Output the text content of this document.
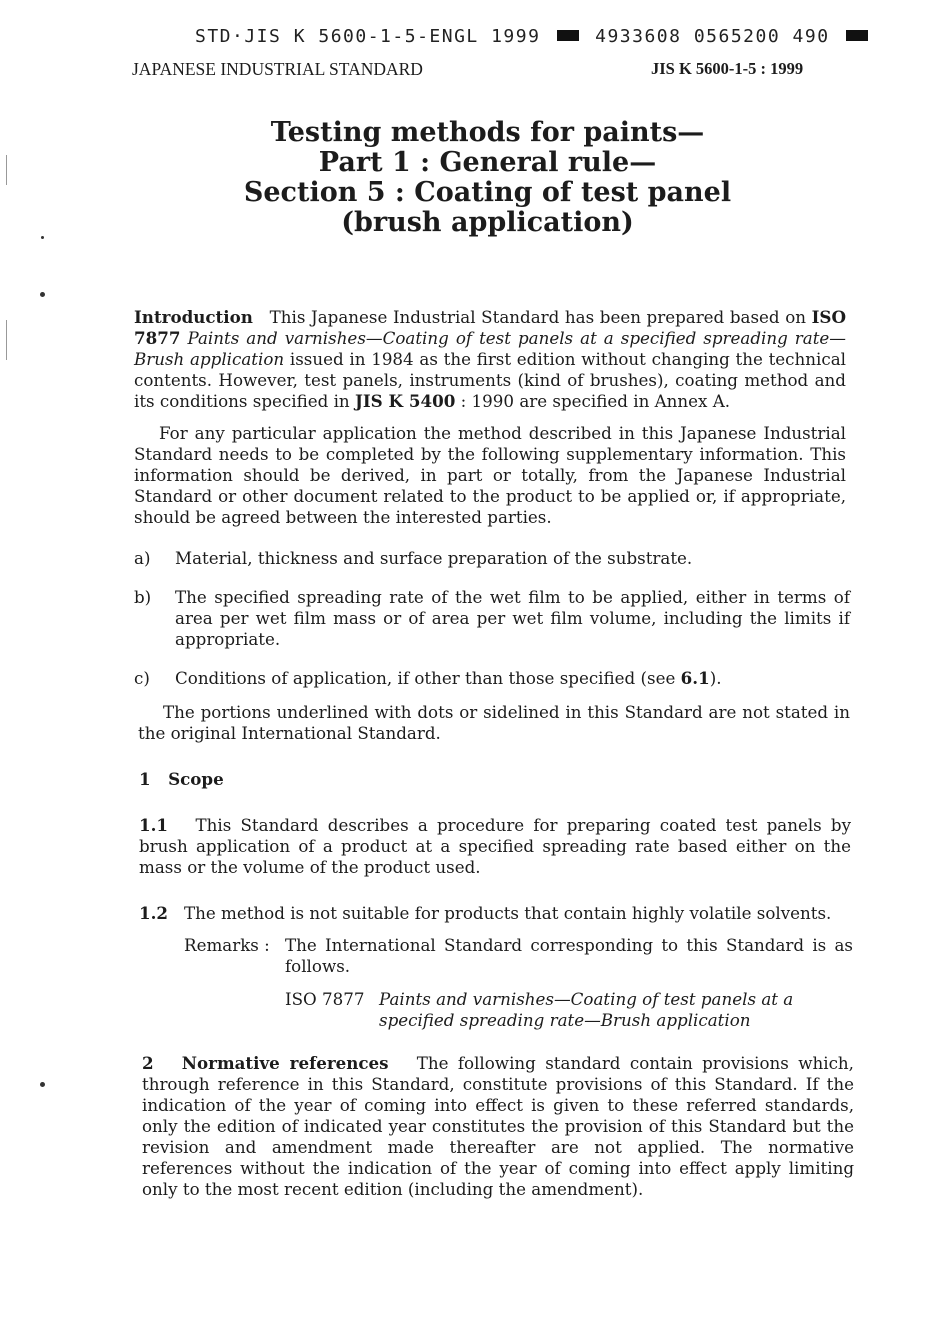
STD·JIS K 5600-1-5-ENGL 1999	4933608 0565200 490
JAPANESE INDUSTRIAL STANDARD	JIS K 5600-1-5 : 1999
Testing methods for paints—
Part 1 : General rule—
Section 5 : Coating of test panel
(brush application)
Introduction This Japanese Industrial Standard has been prepared based on ISO 7877 Paints and varnishes—Coating of test panels at a specified spreading rate—Brush application issued in 1984 as the first edition without changing the technical contents. However, test panels, instruments (kind of brushes), coating method and its conditions specified in JIS K 5400 : 1990 are specified in Annex A.
For any particular application the method described in this Japanese Industrial Standard needs to be completed by the following supplementary information. This information should be derived, in part or totally, from the Japanese Industrial Standard or other document related to the product to be applied or, if appropriate, should be agreed between the interested parties.
a) Material, thickness and surface preparation of the substrate.
b) The specified spreading rate of the wet film to be applied, either in terms of area per wet film mass or of area per wet film volume, including the limits if appropriate.
c) Conditions of application, if other than those specified (see 6.1).
The portions underlined with dots or sidelined in this Standard are not stated in the original International Standard.
1 Scope
1.1 This Standard describes a procedure for preparing coated test panels by brush application of a product at a specified spreading rate based either on the mass or the volume of the product used.
1.2 The method is not suitable for products that contain highly volatile solvents.
Remarks : The International Standard corresponding to this Standard is as follows.
ISO 7877 Paints and varnishes—Coating of test panels at a specified spreading rate—Brush application
2 Normative references The following standard contain provisions which, through reference in this Standard, constitute provisions of this Standard. If the indication of the year of coming into effect is given to these referred standards, only the edition of indicated year constitutes the provision of this Standard but the revision and amendment made thereafter are not applied. The normative references without the indication of the year of coming into effect apply limiting only to the most recent edition (including the amendment).
